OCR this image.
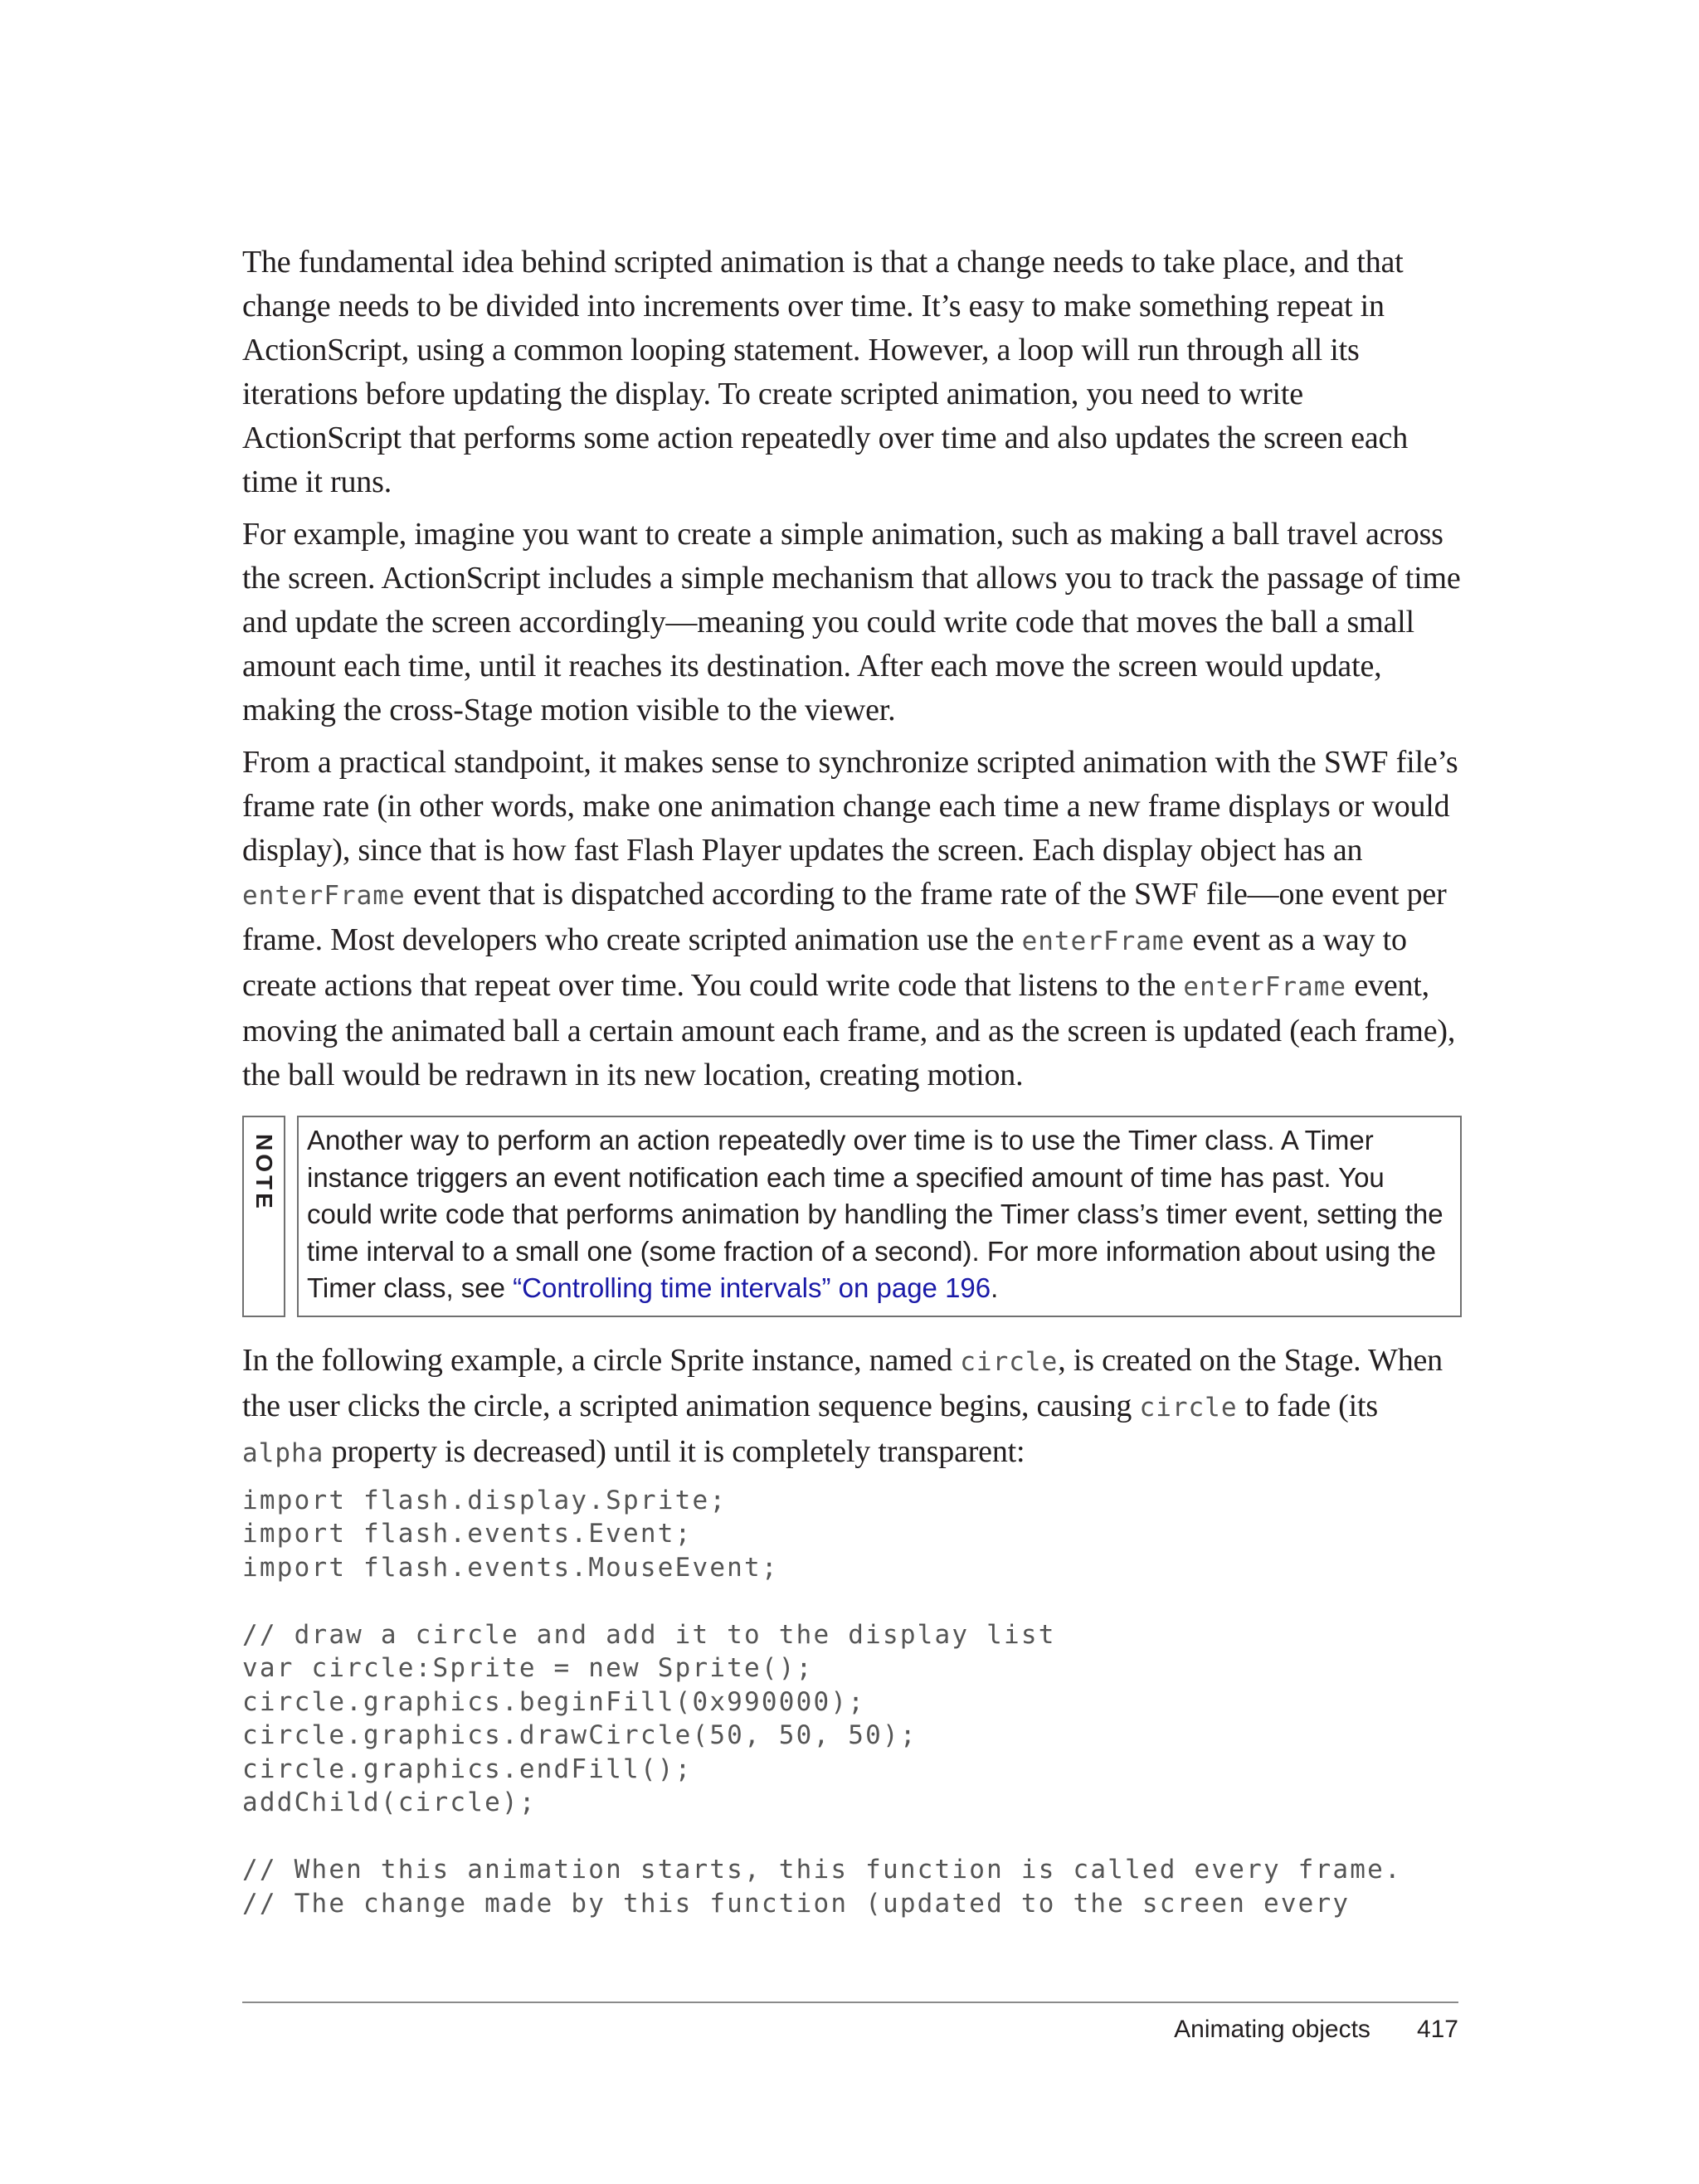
The fundamental idea behind scripted animation is that a change needs to take place, and that change needs to be divided into increments over time. It’s easy to make something repeat in ActionScript, using a common looping statement. However, a loop will run through all its iterations before updating the display. To create scripted animation, you need to write ActionScript that performs some action repeatedly over time and also updates the screen each time it runs.

For example, imagine you want to create a simple animation, such as making a ball travel across the screen. ActionScript includes a simple mechanism that allows you to track the passage of time and update the screen accordingly—meaning you could write code that moves the ball a small amount each time, until it reaches its destination. After each move the screen would update, making the cross-Stage motion visible to the viewer.

From a practical standpoint, it makes sense to synchronize scripted animation with the SWF file’s frame rate (in other words, make one animation change each time a new frame displays or would display), since that is how fast Flash Player updates the screen. Each display object has an enterFrame event that is dispatched according to the frame rate of the SWF file—one event per frame. Most developers who create scripted animation use the enterFrame event as a way to create actions that repeat over time. You could write code that listens to the enterFrame event, moving the animated ball a certain amount each frame, and as the screen is updated (each frame), the ball would be redrawn in its new location, creating motion.

NOTE	Another way to perform an action repeatedly over time is to use the Timer class. A Timer instance triggers an event notification each time a specified amount of time has past. You could write code that performs animation by handling the Timer class’s timer event, setting the time interval to a small one (some fraction of a second). For more information about using the Timer class, see “Controlling time intervals” on page 196.

In the following example, a circle Sprite instance, named circle, is created on the Stage. When the user clicks the circle, a scripted animation sequence begins, causing circle to fade (its alpha property is decreased) until it is completely transparent:

import flash.display.Sprite;
import flash.events.Event;
import flash.events.MouseEvent;

// draw a circle and add it to the display list
var circle:Sprite = new Sprite();
circle.graphics.beginFill(0x990000);
circle.graphics.drawCircle(50, 50, 50);
circle.graphics.endFill();
addChild(circle);

// When this animation starts, this function is called every frame.
// The change made by this function (updated to the screen every
Animating objects 417
